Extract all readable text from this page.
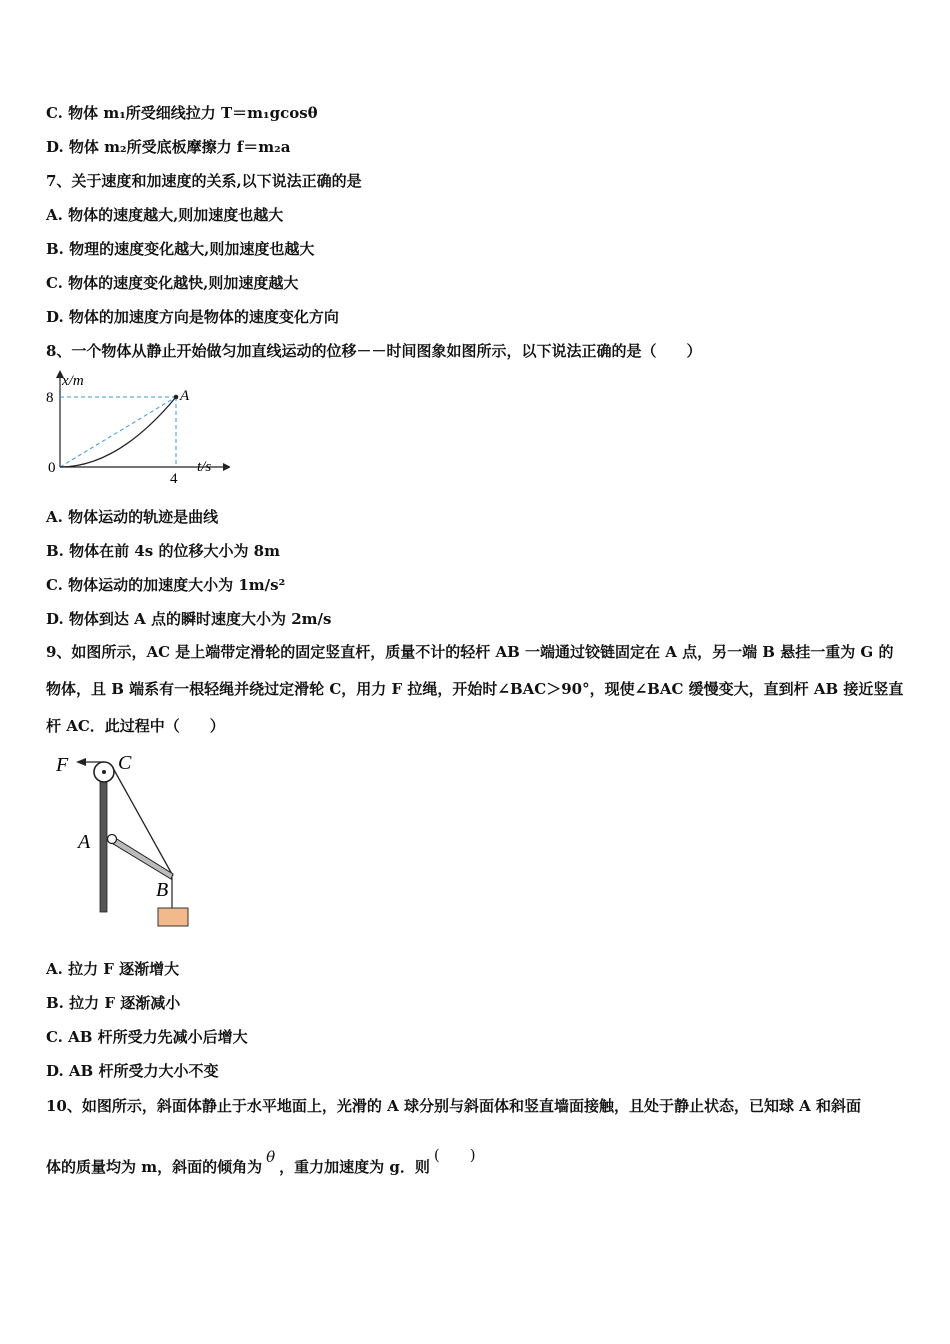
C. 物体 m₁所受细线拉力 T＝m₁gcosθ
D. 物体 m₂所受底板摩擦力 f＝m₂a
7、关于速度和加速度的关系,以下说法正确的是
A. 物体的速度越大,则加速度也越大
B. 物理的速度变化越大,则加速度也越大
C. 物体的速度变化越快,则加速度越大
D. 物体的加速度方向是物体的速度变化方向
8、一个物体从静止开始做匀加直线运动的位移－－时间图象如图所示，以下说法正确的是（　　）
x/m
t/s
8
4
0
A
A. 物体运动的轨迹是曲线
B. 物体在前 4s 的位移大小为 8m
C. 物体运动的加速度大小为 1m/s²
D. 物体到达 A 点的瞬时速度大小为 2m/s
9、如图所示，AC 是上端带定滑轮的固定竖直杆，质量不计的轻杆 AB 一端通过铰链固定在 A 点，另一端 B 悬挂一重为 G 的物体，且 B 端系有一根轻绳并绕过定滑轮 C，用力 F 拉绳，开始时∠BAC＞90°，现使∠BAC 缓慢变大，直到杆 AB 接近竖直杆 AC．此过程中（　　）
F C
A
B
A. 拉力 F 逐渐增大
B. 拉力 F 逐渐减小
C. AB 杆所受力先减小后增大
D. AB 杆所受力大小不变
10、如图所示，斜面体静止于水平地面上，光滑的 A 球分别与斜面体和竖直墙面接触，且处于静止状态，已知球 A 和斜面
体的质量均为 m，斜面的倾角为θ，重力加速度为 g．则(　　)
